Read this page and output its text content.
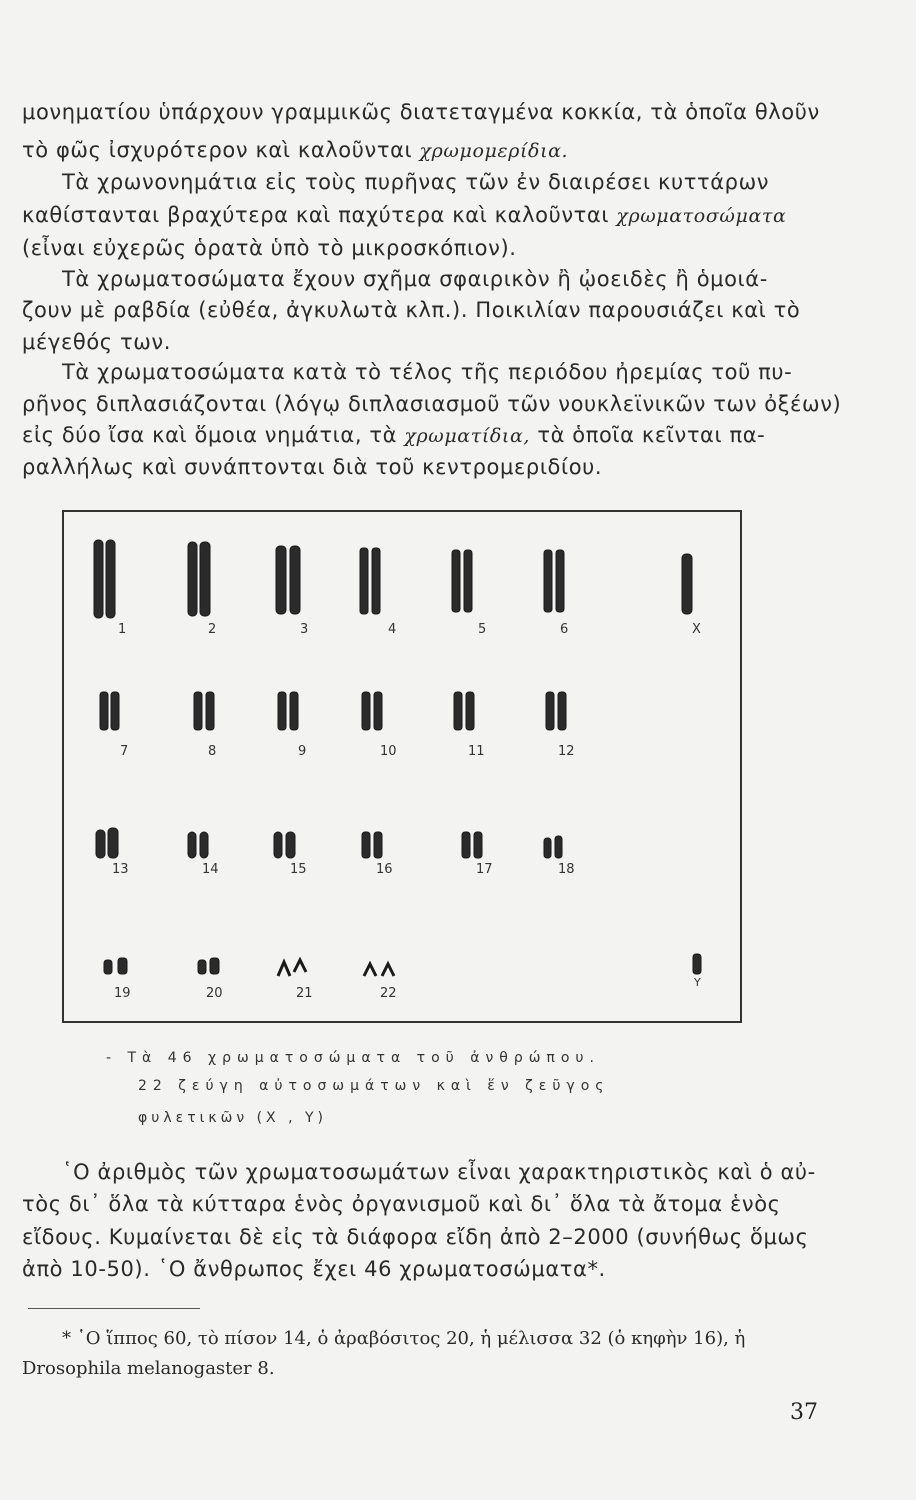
μονηματίου ὑπάρχουν γραμμικῶς διατεταγμένα κοκκία, τὰ ὁποῖα θλοῦν
τὸ φῶς ἰσχυρότερον καὶ καλοῦνται χρωμομερίδια.
Τὰ χρωνονημάτια εἰς τοὺς πυρῆνας τῶν ἐν διαιρέσει κυττάρων
καθίστανται βραχύτερα καὶ παχύτερα καὶ καλοῦνται χρωματοσώματα
(εἶναι εὐχερῶς ὁρατὰ ὑπὸ τὸ μικροσκόπιον).
Τὰ χρωματοσώματα ἔχουν σχῆμα σφαιρικὸν ἢ ᾠοειδὲς ἢ ὁμοιά-
ζουν μὲ ραβδία (εὐθέα, ἀγκυλωτὰ κλπ.). Ποικιλίαν παρουσιάζει καὶ τὸ
μέγεθός των.
Τὰ χρωματοσώματα κατὰ τὸ τέλος τῆς περιόδου ἠρεμίας τοῦ πυ-
ρῆνος διπλασιάζονται (λόγῳ διπλασιασμοῦ τῶν νουκλεϊνικῶν των ὀξέων)
εἰς δύο ἴσα καὶ ὅμοια νημάτια, τὰ χρωματίδια, τὰ ὁποῖα κεῖνται πα-
ραλλήλως καὶ συνάπτονται διὰ τοῦ κεντρομεριδίου.
1	2	3	4	5	6	X
7	8	9	10	11	12
13	14	15	16	17	18
19	20	21	22
Y
- Τὰ 46 χρωματοσώματα τοῦ ἀνθρώπου.
22 ζεύγη αὐτοσωμάτων καὶ ἕν ζεῦγος
φυλετικῶν (Χ , Υ)
῾Ο ἀριθμὸς τῶν χρωματοσωμάτων εἶναι χαρακτηριστικὸς καὶ ὁ αὐ-
τὸς δι᾽ ὅλα τὰ κύτταρα ἑνὸς ὀργανισμοῦ καὶ δι᾽ ὅλα τὰ ἄτομα ἑνὸς
εἴδους. Κυμαίνεται δὲ εἰς τὰ διάφορα εἴδη ἀπὸ 2–2000 (συνήθως ὅμως
ἀπὸ 10-50). ῾Ο ἄνθρωπος ἔχει 46 χρωματοσώματα*.
* ῾Ο ἵππος 60, τὸ πίσον 14, ὁ ἀραβόσιτος 20, ἡ μέλισσα 32 (ὁ κηφὴν 16), ἡ
Drosophila melanogaster 8.
37
